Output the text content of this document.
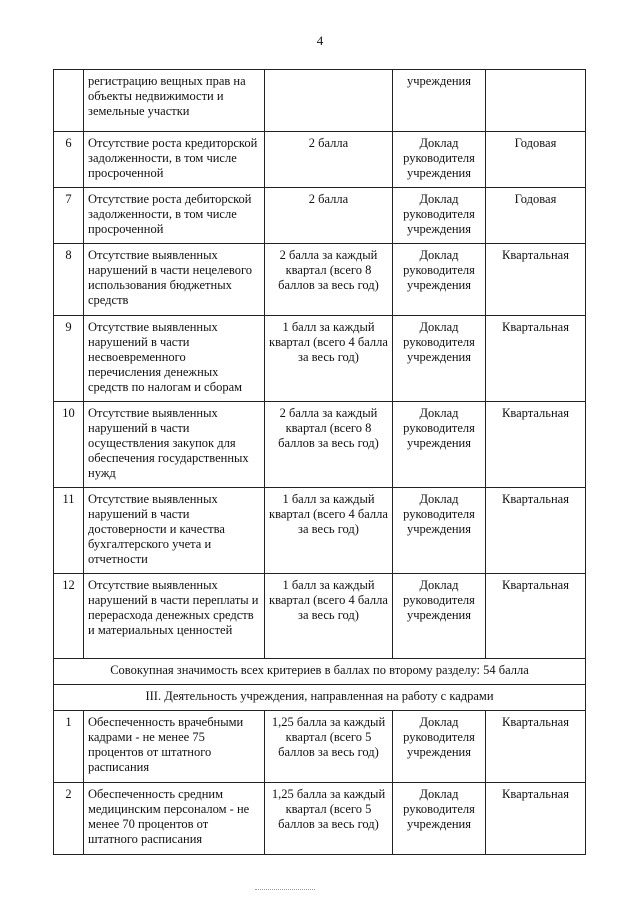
4
	регистрацию вещных прав на объекты недвижимости и земельные участки		учреждения	
6	Отсутствие роста кредиторской задолженности, в том числе просроченной	2 балла	Доклад руководителя учреждения	Годовая
7	Отсутствие роста дебиторской задолженности, в том числе просроченной	2 балла	Доклад руководителя учреждения	Годовая
8	Отсутствие выявленных нарушений в части нецелевого использования бюджетных средств	2 балла за каждый квартал (всего 8 баллов за весь год)	Доклад руководителя учреждения	Квартальная
9	Отсутствие выявленных нарушений в части несвоевременного перечисления денежных средств по налогам и сборам	1 балл за каждый квартал (всего 4 балла за весь год)	Доклад руководителя учреждения	Квартальная
10	Отсутствие выявленных нарушений в части осуществления закупок для обеспечения государственных нужд	2 балла за каждый квартал (всего 8 баллов за весь год)	Доклад руководителя учреждения	Квартальная
11	Отсутствие выявленных нарушений в части достоверности и качества бухгалтерского учета и отчетности	1 балл за каждый квартал (всего 4 балла за весь год)	Доклад руководителя учреждения	Квартальная
12	Отсутствие выявленных нарушений в части переплаты и перерасхода денежных средств и материальных ценностей	1 балл за каждый квартал (всего 4 балла за весь год)	Доклад руководителя учреждения	Квартальная
Совокупная значимость всех критериев в баллах по второму разделу: 54 балла				
III. Деятельность учреждения, направленная на работу с кадрами				
1	Обеспеченность врачебными кадрами - не менее 75 процентов от штатного расписания	1,25 балла за каждый квартал (всего 5 баллов за весь год)	Доклад руководителя учреждения	Квартальная
2	Обеспеченность средним медицинским персоналом - не менее 70 процентов от штатного расписания	1,25 балла за каждый квартал (всего 5 баллов за весь год)	Доклад руководителя учреждения	Квартальная
